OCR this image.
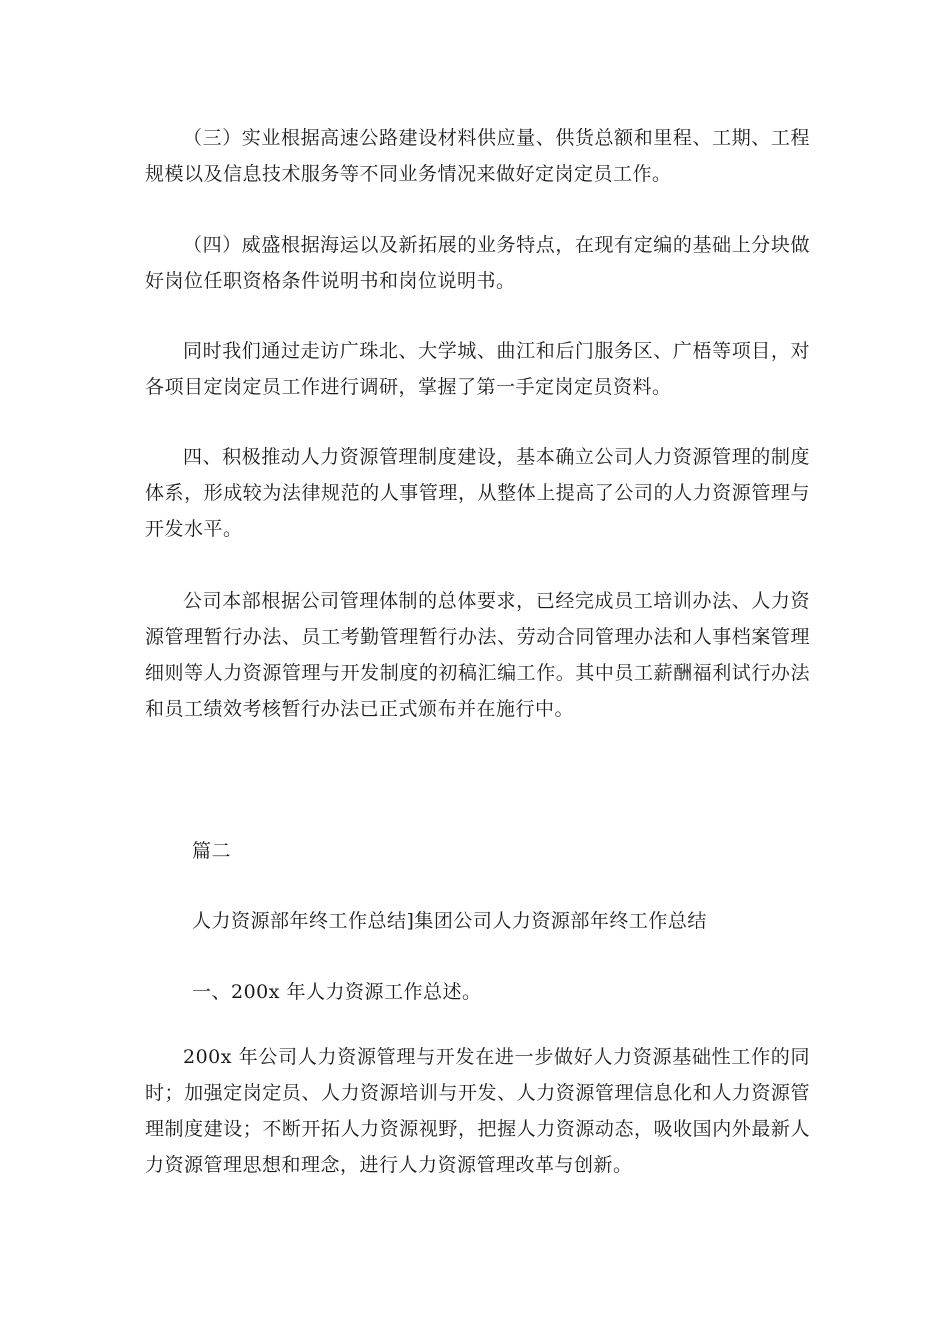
（三）实业根据高速公路建设材料供应量、供货总额和里程、工期、工程规模以及信息技术服务等不同业务情况来做好定岗定员工作。

（四）威盛根据海运以及新拓展的业务特点，在现有定编的基础上分块做好岗位任职资格条件说明书和岗位说明书。

同时我们通过走访广珠北、大学城、曲江和后门服务区、广梧等项目，对各项目定岗定员工作进行调研，掌握了第一手定岗定员资料。

四、积极推动人力资源管理制度建设，基本确立公司人力资源管理的制度体系，形成较为法律规范的人事管理，从整体上提高了公司的人力资源管理与开发水平。

公司本部根据公司管理体制的总体要求，已经完成员工培训办法、人力资源管理暂行办法、员工考勤管理暂行办法、劳动合同管理办法和人事档案管理细则等人力资源管理与开发制度的初稿汇编工作。其中员工薪酬福利试行办法和员工绩效考核暂行办法已正式颁布并在施行中。

篇二

人力资源部年终工作总结]集团公司人力资源部年终工作总结

一、200x 年人力资源工作总述。

200x 年公司人力资源管理与开发在进一步做好人力资源基础性工作的同时；加强定岗定员、人力资源培训与开发、人力资源管理信息化和人力资源管理制度建设；不断开拓人力资源视野，把握人力资源动态，吸收国内外最新人力资源管理思想和理念，进行人力资源管理改革与创新。
